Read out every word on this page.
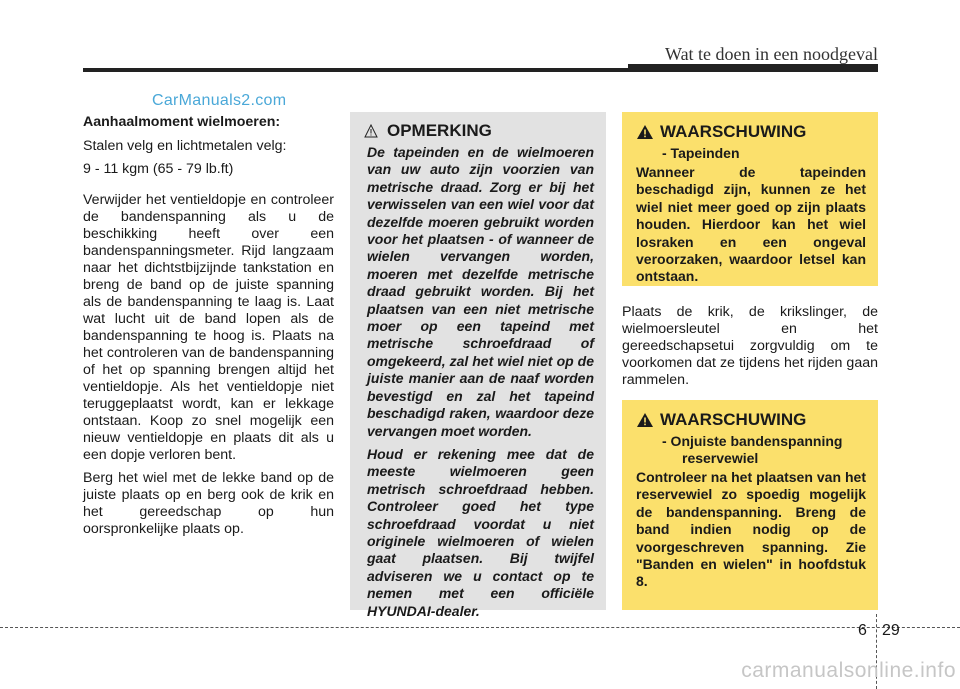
Wat te doen in een noodgeval
CarManuals2.com

Aanhaalmoment wielmoeren:

Stalen velg en lichtmetalen velg:

9 - 11 kgm (65 - 79 lb.ft)

Verwijder het ventieldopje en controleer de bandenspanning als u de beschikking heeft over een bandenspanningsmeter. Rijd langzaam naar het dichtstbijzijnde tankstation en breng de band op de juiste spanning als de bandenspanning te laag is. Laat wat lucht uit de band lopen als de bandenspanning te hoog is. Plaats na het controleren van de bandenspanning of het op spanning brengen altijd het ventieldopje. Als het ventieldopje niet teruggeplaatst wordt, kan er lekkage ontstaan. Koop zo snel mogelijk een nieuw ventieldopje en plaats dit als u een dopje verloren bent.

Berg het wiel met de lekke band op de juiste plaats op en berg ook de krik en het gereedschap op hun oorspronkelijke plaats op.

OPMERKING

De tapeinden en de wielmoeren van uw auto zijn voorzien van metrische draad. Zorg er bij het verwisselen van een wiel voor dat dezelfde moeren gebruikt worden voor het plaatsen - of wanneer de wielen vervangen worden, moeren met dezelfde metrische draad gebruikt worden. Bij het plaatsen van een niet metrische moer op een tapeind met metrische schroefdraad of omgekeerd, zal het wiel niet op de juiste manier aan de naaf worden bevestigd en zal het tapeind beschadigd raken, waardoor deze vervangen moet worden.

Houd er rekening mee dat de meeste wielmoeren geen metrisch schroefdraad hebben. Controleer goed het type schroefdraad voordat u niet originele wielmoeren of wielen gaat plaatsen. Bij twijfel adviseren we u contact op te nemen met een officiële HYUNDAI-dealer.

WAARSCHUWING
- Tapeinden
Wanneer de tapeinden beschadigd zijn, kunnen ze het wiel niet meer goed op zijn plaats houden. Hierdoor kan het wiel losraken en een ongeval veroorzaken, waardoor letsel kan ontstaan.
Plaats de krik, de krikslinger, de wielmoersleutel en het gereedschapsetui zorgvuldig om te voorkomen dat ze tijdens het rijden gaan rammelen.
WAARSCHUWING
- Onjuiste bandenspanning
reservewiel
Controleer na het plaatsen van het reservewiel zo spoedig mogelijk de bandenspanning. Breng de band indien nodig op de voorgeschreven spanning. Zie "Banden en wielen" in hoofdstuk 8.
6 29
carmanualsonline.info
